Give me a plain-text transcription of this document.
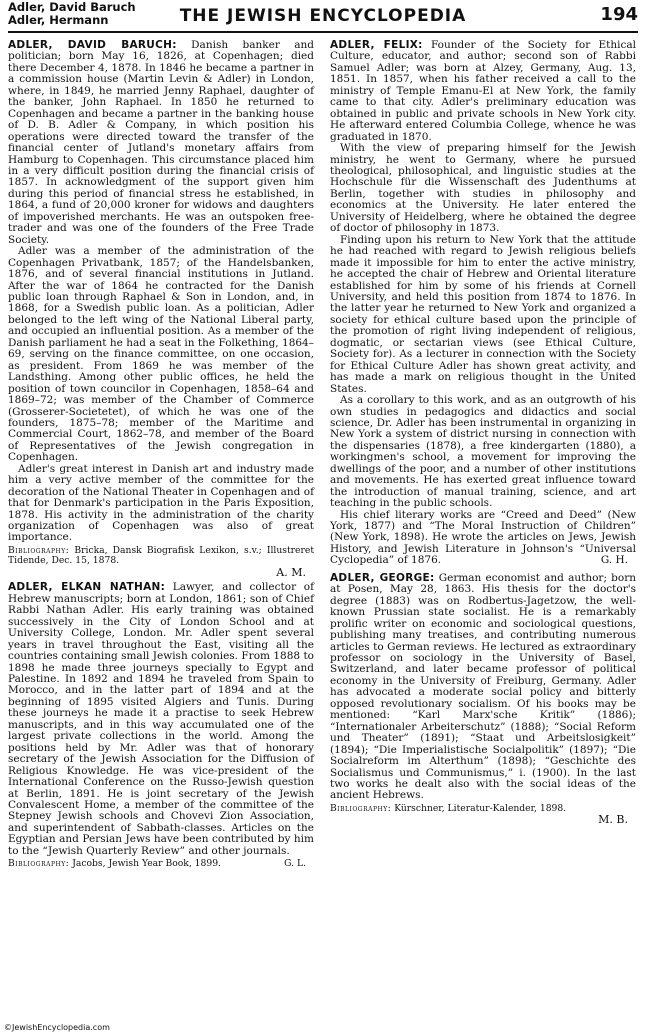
Adler, David Baruch
Adler, Hermann	THE JEWISH ENCYCLOPEDIA	194

ADLER, DAVID BARUCH: Danish banker and politician; born May 16, 1826, at Copenhagen; died there December 4, 1878. In 1846 he became a partner in a commission house (Martin Levin & Adler) in London, where, in 1849, he married Jenny Raphael, daughter of the banker, John Raphael. In 1850 he returned to Copenhagen and became a partner in the banking house of D. B. Adler & Company, in which position his operations were directed toward the transfer of the financial center of Jutland's monetary affairs from Hamburg to Copenhagen. This circumstance placed him in a very difficult position during the financial crisis of 1857. In acknowledgment of the support given him during this period of financial stress he established, in 1864, a fund of 20,000 kroner for widows and daughters of impoverished merchants. He was an outspoken free-trader and was one of the founders of the Free Trade Society.

Adler was a member of the administration of the Copenhagen Privatbank, 1857; of the Handelsbanken, 1876, and of several financial institutions in Jutland. After the war of 1864 he contracted for the Danish public loan through Raphael & Son in London, and, in 1868, for a Swedish public loan. As a politician, Adler belonged to the left wing of the National Liberal party, and occupied an influential position. As a member of the Danish parliament he had a seat in the Folkething, 1864–69, serving on the finance committee, on one occasion, as president. From 1869 he was member of the Landsthing. Among other public offices, he held the position of town councilor in Copenhagen, 1858–64 and 1869–72; was member of the Chamber of Commerce (Grosserer-Societetet), of which he was one of the founders, 1875–78; member of the Maritime and Commercial Court, 1862–78, and member of the Board of Representatives of the Jewish congregation in Copenhagen.

Adler's great interest in Danish art and industry made him a very active member of the committee for the decoration of the National Theater in Copenhagen and of that for Denmark's participation in the Paris Exposition, 1878. His activity in the administration of the charity organization of Copenhagen was also of great importance.

Bibliography: Bricka, Dansk Biografisk Lexikon, s.v.; Illustreret Tidende, Dec. 15, 1878.

A. M.

ADLER, ELKAN NATHAN: Lawyer, and collector of Hebrew manuscripts; born at London, 1861; son of Chief Rabbi Nathan Adler. His early training was obtained successively in the City of London School and at University College, London. Mr. Adler spent several years in travel throughout the East, visiting all the countries containing small Jewish colonies. From 1888 to 1898 he made three journeys specially to Egypt and Palestine. In 1892 and 1894 he traveled from Spain to Morocco, and in the latter part of 1894 and at the beginning of 1895 visited Algiers and Tunis. During these journeys he made it a practise to seek Hebrew manuscripts, and in this way accumulated one of the largest private collections in the world. Among the positions held by Mr. Adler was that of honorary secretary of the Jewish Association for the Diffusion of Religious Knowledge. He was vice-president of the International Conference on the Russo-Jewish question at Berlin, 1891. He is joint secretary of the Jewish Convalescent Home, a member of the committee of the Stepney Jewish schools and Chovevi Zion Association, and superintendent of Sabbath-classes. Articles on the Egyptian and Persian Jews have been contributed by him to the “Jewish Quarterly Review” and other journals.

Bibliography: Jacobs, Jewish Year Book, 1899.	G. L.

ADLER, FELIX: Founder of the Society for Ethical Culture, educator, and author; second son of Rabbi Samuel Adler; was born at Alzey, Germany, Aug. 13, 1851. In 1857, when his father received a call to the ministry of Temple Emanu-El at New York, the family came to that city. Adler's preliminary education was obtained in public and private schools in New York city. He afterward entered Columbia College, whence he was graduated in 1870.

With the view of preparing himself for the Jewish ministry, he went to Germany, where he pursued theological, philosophical, and linguistic studies at the Hochschule für die Wissenschaft des Judenthums at Berlin, together with studies in philosophy and economics at the University. He later entered the University of Heidelberg, where he obtained the degree of doctor of philosophy in 1873.

Finding upon his return to New York that the attitude he had reached with regard to Jewish religious beliefs made it impossible for him to enter the active ministry, he accepted the chair of Hebrew and Oriental literature established for him by some of his friends at Cornell University, and held this position from 1874 to 1876. In the latter year he returned to New York and organized a society for ethical culture based upon the principle of the promotion of right living independent of religious, dogmatic, or sectarian views (see Ethical Culture, Society for). As a lecturer in connection with the Society for Ethical Culture Adler has shown great activity, and has made a mark on religious thought in the United States.

As a corollary to this work, and as an outgrowth of his own studies in pedagogics and didactics and social science, Dr. Adler has been instrumental in organizing in New York a system of district nursing in connection with the dispensaries (1878), a free kindergarten (1880), a workingmen's school, a movement for improving the dwellings of the poor, and a number of other institutions and movements. He has exerted great influence toward the introduction of manual training, science, and art teaching in the public schools.

His chief literary works are “Creed and Deed” (New York, 1877) and “The Moral Instruction of Children” (New York, 1898). He wrote the articles on Jews, Jewish History, and Jewish Literature in Johnson's “Universal Cyclopedia” of 1876.	G. H.

ADLER, GEORGE: German economist and author; born at Posen, May 28, 1863. His thesis for the doctor's degree (1883) was on Rodbertus-Jagetzow, the well-known Prussian state socialist. He is a remarkably prolific writer on economic and sociological questions, publishing many treatises, and contributing numerous articles to German reviews. He lectured as extraordinary professor on sociology in the University of Basel, Switzerland, and later became professor of political economy in the University of Freiburg, Germany. Adler has advocated a moderate social policy and bitterly opposed revolutionary socialism. Of his books may be mentioned: “Karl Marx'sche Kritik” (1886); “Internationaler Arbeiterschutz” (1888); “Social Reform und Theater” (1891); “Staat und Arbeitslosigkeit” (1894); “Die Imperialistische Socialpolitik” (1897); “Die Socialreform im Alterthum” (1898); “Geschichte des Socialismus und Communismus,” i. (1900). In the last two works he dealt also with the social ideas of the ancient Hebrews.

Bibliography: Kürschner, Literatur-Kalender, 1898.

M. B.
©JewishEncyclopedia.com
